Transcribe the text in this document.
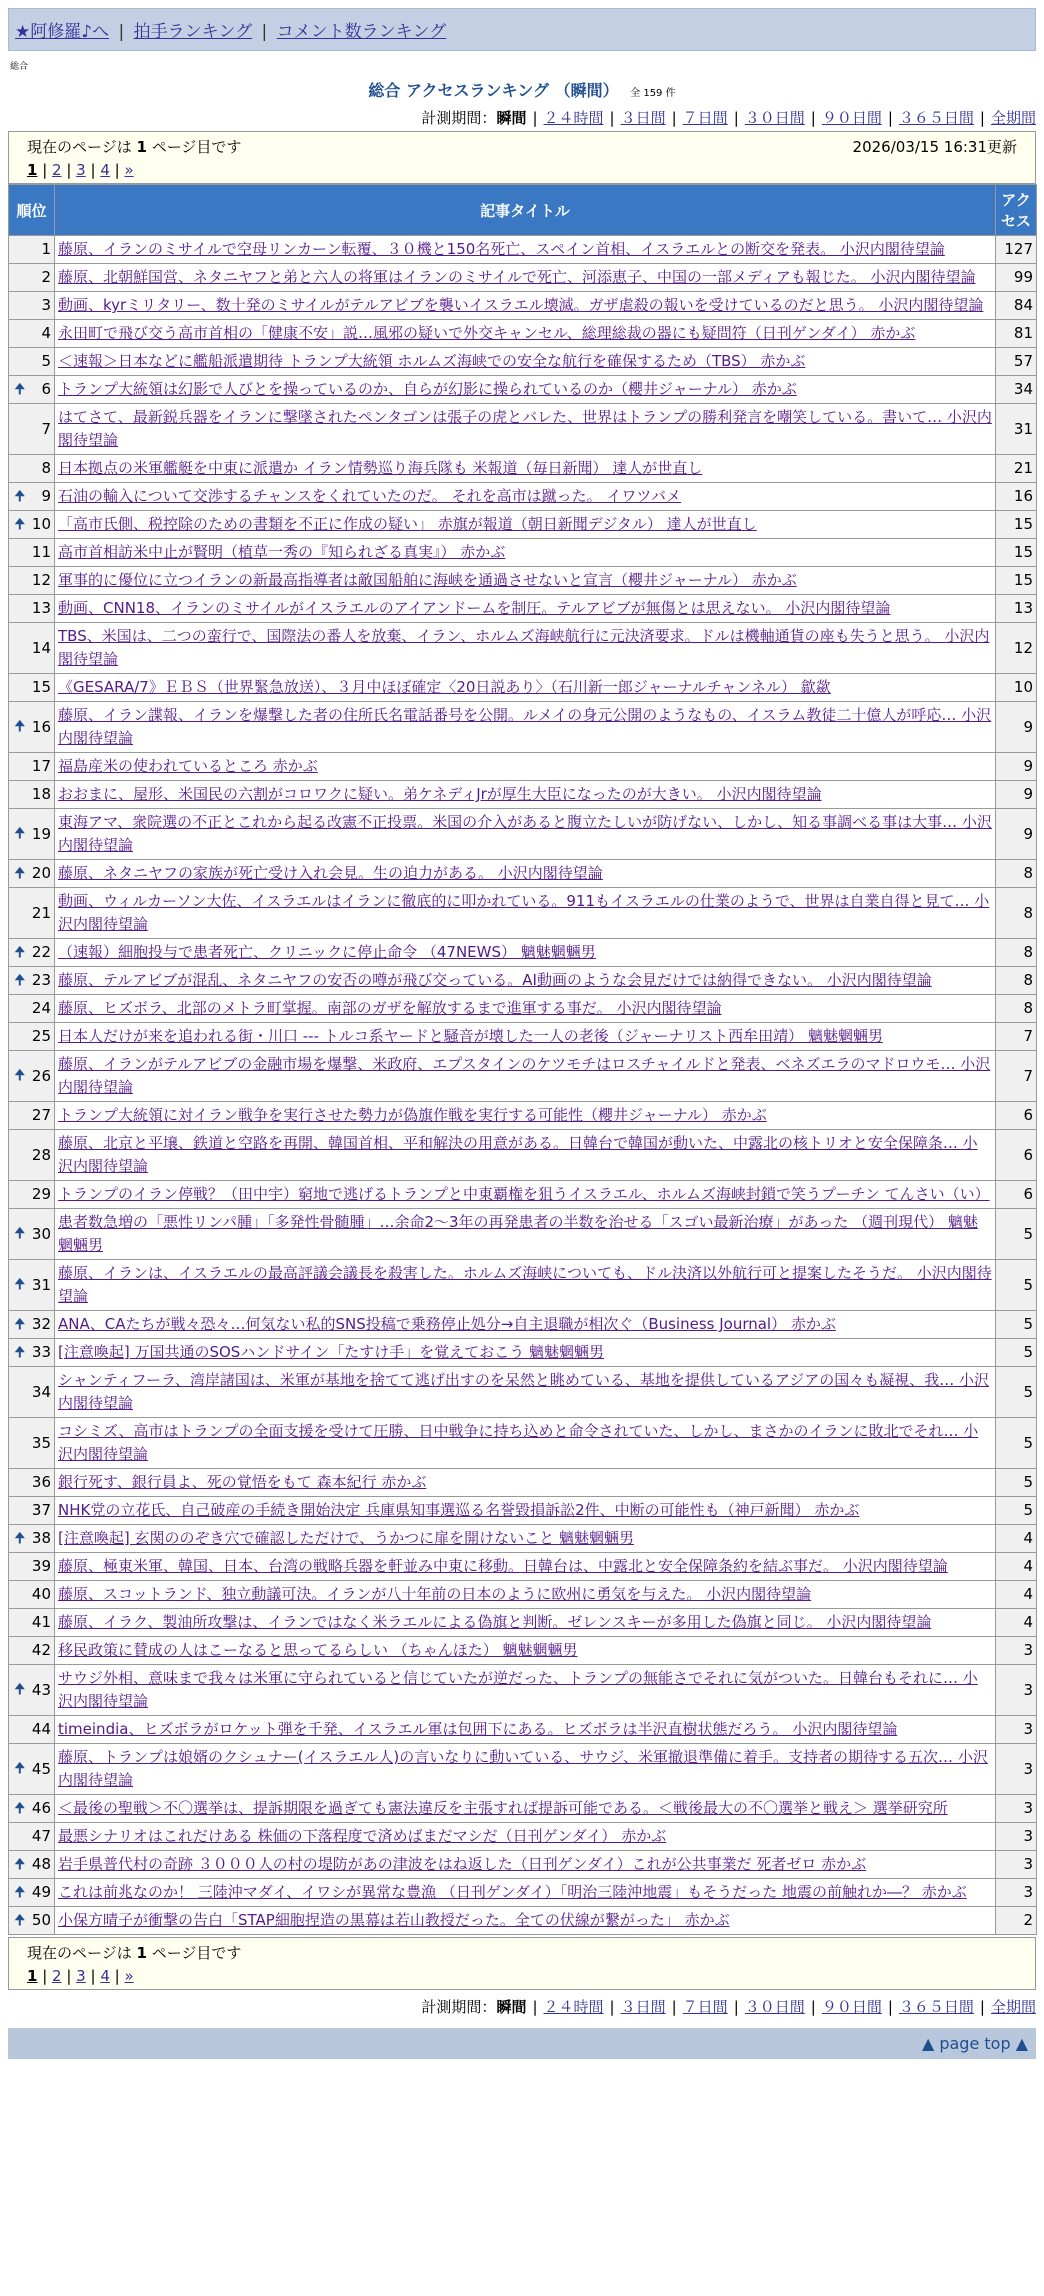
★阿修羅♪へ | 拍手ランキング | コメント数ランキング
総合
総合 アクセスランキング （瞬間） 全 159 件
計測期間：瞬間 | ２４時間 | ３日間 | ７日間 | ３０日間 | ９０日間 | ３６５日間 | 全期間
現在のページは 1 ページ目です	2026/03/15 16:31更新
1 | 2 | 3 | 4 | »
順位	記事タイトル	アクセス
1	藤原、イランのミサイルで空母リンカーン転覆、３０機と150名死亡、スペイン首相、イスラエルとの断交を発表。 小沢内閣待望論	127
2	藤原、北朝鮮国営、ネタニヤフと弟と六人の将軍はイランのミサイルで死亡、河添恵子、中国の一部メディアも報じた。 小沢内閣待望論	99
3	動画、kyrミリタリー、数十発のミサイルがテルアビブを襲いイスラエル壊滅。ガザ虐殺の報いを受けているのだと思う。 小沢内閣待望論	84
4	永田町で飛び交う高市首相の「健康不安」説…風邪の疑いで外交キャンセル、総理総裁の器にも疑問符（日刊ゲンダイ） 赤かぶ	81
5	＜速報＞日本などに艦船派遣期待 トランプ大統領 ホルムズ海峡での安全な航行を確保するため（TBS） 赤かぶ	57

🠉 6	トランプ大統領は幻影で人びとを操っているのか、自らが幻影に操られているのか（櫻井ジャーナル） 赤かぶ	34
7	はてさて、最新鋭兵器をイランに撃墜されたペンタゴンは張子の虎とバレた、世界はトランプの勝利発言を嘲笑している。書いて… 小沢内閣待望論	31
8	日本拠点の米軍艦艇を中東に派遣か イラン情勢巡り海兵隊も 米報道（毎日新聞） 達人が世直し	21

🠉 9	石油の輸入について交渉するチャンスをくれていたのだ。 それを高市は蹴った。 イワツバメ	16

🠉 10	「高市氏側、税控除のための書類を不正に作成の疑い」 赤旗が報道（朝日新聞デジタル） 達人が世直し	15
11	高市首相訪米中止が賢明（植草一秀の『知られざる真実』） 赤かぶ	15
12	軍事的に優位に立つイランの新最高指導者は敵国船舶に海峡を通過させないと宣言（櫻井ジャーナル） 赤かぶ	15
13	動画、CNN18、イランのミサイルがイスラエルのアイアンドームを制圧。テルアビブが無傷とは思えない。 小沢内閣待望論	13
14	TBS、米国は、二つの蛮行で、国際法の番人を放棄、イラン、ホルムズ海峡航行に元決済要求。ドルは機軸通貨の座も失うと思う。 小沢内閣待望論	12
15	《GESARA/7》ＥＢＳ（世界緊急放送）、３月中ほぼ確定〈20日説あり〉（石川新一郎ジャーナルチャンネル） 歙歘	10

🠉 16	藤原、イラン諜報、イランを爆撃した者の住所氏名電話番号を公開。ルメイの身元公開のようなもの、イスラム教徒二十億人が呼応… 小沢内閣待望論	9
17	福島産米の使われているところ 赤かぶ	9
18	おおまに、屋形、米国民の六割がコロワクに疑い。弟ケネディJrが厚生大臣になったのが大きい。 小沢内閣待望論	9

🠉 19	東海アマ、衆院選の不正とこれから起る改憲不正投票。米国の介入があると腹立たしいが防げない、しかし、知る事調べる事は大事… 小沢内閣待望論	9

🠉 20	藤原、ネタニヤフの家族が死亡受け入れ会見。生の迫力がある。 小沢内閣待望論	8
21	動画、ウィルカーソン大佐、イスラエルはイランに徹底的に叩かれている。911もイスラエルの仕業のようで、世界は自業自得と見て… 小沢内閣待望論	8

🠉 22	（速報）細胞投与で患者死亡、クリニックに停止命令 （47NEWS） 魑魅魍魎男	8

🠉 23	藤原、テルアビブが混乱、ネタニヤフの安否の噂が飛び交っている。AI動画のような会見だけでは納得できない。 小沢内閣待望論	8
24	藤原、ヒズボラ、北部のメトラ町掌握。南部のガザを解放するまで進軍する事だ。 小沢内閣待望論	8
25	日本人だけが来を追われる街・川口 --- トルコ系ヤードと騒音が壊した一人の老後（ジャーナリスト西牟田靖） 魑魅魍魎男	7

🠉 26	藤原、イランがテルアビブの金融市場を爆撃、米政府、エプスタインのケツモチはロスチャイルドと発表、ベネズエラのマドロウモ… 小沢内閣待望論	7
27	トランプ大統領に対イラン戦争を実行させた勢力が偽旗作戦を実行する可能性（櫻井ジャーナル） 赤かぶ	6
28	藤原、北京と平壌、鉄道と空路を再開、韓国首相、平和解決の用意がある。日韓台で韓国が動いた、中露北の核トリオと安全保障条… 小沢内閣待望論	6
29	トランプのイラン停戦？（田中宇）窮地で逃げるトランプと中東覇権を狙うイスラエル、ホルムズ海峡封鎖で笑うプーチン てんさい（い）	6

🠉 30	患者数急増の「悪性リンパ腫」「多発性骨髄腫」…余命2～3年の再発患者の半数を治せる「スゴい最新治療」があった （週刊現代） 魑魅魍魎男	5

🠉 31	藤原、イランは、イスラエルの最高評議会議長を殺害した。ホルムズ海峡についても、ドル決済以外航行可と提案したそうだ。 小沢内閣待望論	5

🠉 32	ANA、CAたちが戦々恐々…何気ない私的SNS投稿で乗務停止処分→自主退職が相次ぐ（Business Journal） 赤かぶ	5

🠉 33	[注意喚起] 万国共通のSOSハンドサイン「たすけ手」を覚えておこう 魑魅魍魎男	5
34	シャンティフーラ、湾岸諸国は、米軍が基地を捨てて逃げ出すのを呆然と眺めている、基地を提供しているアジアの国々も凝視、我… 小沢内閣待望論	5
35	コシミズ、高市はトランプの全面支援を受けて圧勝、日中戦争に持ち込めと命令されていた、しかし、まさかのイランに敗北でそれ… 小沢内閣待望論	5
36	銀行死す、銀行員よ、死の覚悟をもて 森本紀行 赤かぶ	5
37	NHK党の立花氏、自己破産の手続き開始決定 兵庫県知事選巡る名誉毀損訴訟2件、中断の可能性も（神戸新聞） 赤かぶ	5

🠉 38	[注意喚起] 玄関ののぞき穴で確認しただけで、うかつに扉を開けないこと 魑魅魍魎男	4
39	藤原、極東米軍、韓国、日本、台湾の戦略兵器を軒並み中東に移動。日韓台は、中露北と安全保障条約を結ぶ事だ。 小沢内閣待望論	4
40	藤原、スコットランド、独立動議可決。イランが八十年前の日本のように欧州に勇気を与えた。 小沢内閣待望論	4
41	藤原、イラク、製油所攻撃は、イランではなく米ラエルによる偽旗と判断。ゼレンスキーが多用した偽旗と同じ。 小沢内閣待望論	4
42	移民政策に賛成の人はこーなると思ってるらしい （ちゃんほた） 魑魅魍魎男	3

🠉 43	サウジ外相、意味まで我々は米軍に守られていると信じていたが逆だった、トランプの無能さでそれに気がついた。日韓台もそれに… 小沢内閣待望論	3
44	timeindia、ヒズボラがロケット弾を千発、イスラエル軍は包囲下にある。ヒズボラは半沢直樹状態だろう。 小沢内閣待望論	3

🠉 45	藤原、トランプは娘婿のクシュナー(イスラエル人)の言いなりに動いている、サウジ、米軍撤退準備に着手。支持者の期待する五次… 小沢内閣待望論	3

🠉 46	＜最後の聖戦＞不〇選挙は、提訴期限を過ぎても憲法違反を主張すれば提訴可能である。＜戦後最大の不〇選挙と戦え＞ 選挙研究所	3
47	最悪シナリオはこれだけある 株価の下落程度で済めばまだマシだ（日刊ゲンダイ） 赤かぶ	3

🠉 48	岩手県普代村の奇跡 ３０００人の村の堤防があの津波をはね返した（日刊ゲンダイ）これが公共事業だ 死者ゼロ 赤かぶ	3

🠉 49	これは前兆なのか！ 三陸沖マダイ、イワシが異常な豊漁 （日刊ゲンダイ）「明治三陸沖地震」もそうだった 地震の前触れか―？ 赤かぶ	3

🠉 50	小保方晴子が衝撃の告白「STAP細胞捏造の黒幕は若山教授だった。全ての伏線が繋がった」 赤かぶ	2
現在のページは 1 ページ目です
1 | 2 | 3 | 4 | »
計測期間：瞬間 | ２４時間 | ３日間 | ７日間 | ３０日間 | ９０日間 | ３６５日間 | 全期間
▲ page top ▲
